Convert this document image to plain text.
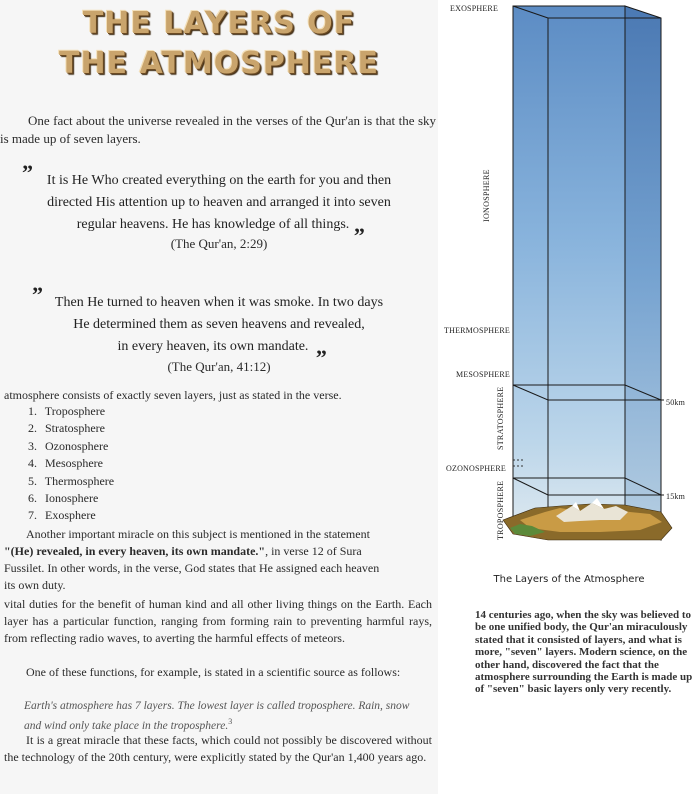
THE LAYERS OF
THE ATMOSPHERE
One fact about the universe revealed in the verses of the Qur'an is that the sky is made up of seven layers.
” It is He Who created everything on the earth for you and then
directed His attention up to heaven and arranged it into seven
regular heavens. He has knowledge of all things. „
(The Qur'an, 2:29)
” Then He turned to heaven when it was smoke. In two days
He determined them as seven heavens and revealed,
in every heaven, its own mandate. „
(The Qur'an, 41:12)
atmosphere consists of exactly seven layers, just as stated in the verse.
1. Troposphere
2. Stratosphere
3. Ozonosphere
4. Mesosphere
5. Thermosphere
6. Ionosphere
7. Exosphere
Another important miracle on this subject is mentioned in the statement
"(He) revealed, in every heaven, its own mandate.", in verse 12 of Sura
Fussilet. In other words, in the verse, God states that He assigned each heaven
its own duty.
vital duties for the benefit of human kind and all other living things on the Earth. Each layer has a particular function, ranging from forming rain to preventing harmful rays, from reflecting radio waves, to averting the harmful effects of meteors.
One of these functions, for example, is stated in a scientific source as follows:
Earth's atmosphere has 7 layers. The lowest layer is called troposphere. Rain, snow and wind only take place in the troposphere.$^3$
It is a great miracle that these facts, which could not possibly be discovered without the technology of the 20th century, were explicitly stated by the Qur'an 1,400 years ago.
EXOSPHERE
IONOSPHERE
THERMOSPHERE
MESOSPHERE
STRATOSPHERE
OZONOSPHERE
TROPOSPHERE
50km
15km
The Layers of the Atmosphere
14 centuries ago, when the sky was believed to be one unified body, the Qur'an miraculously stated that it consisted of layers, and what is more, "seven" layers. Modern science, on the other hand, discovered the fact that the atmosphere surrounding the Earth is made up of "seven" basic layers only very recently.
